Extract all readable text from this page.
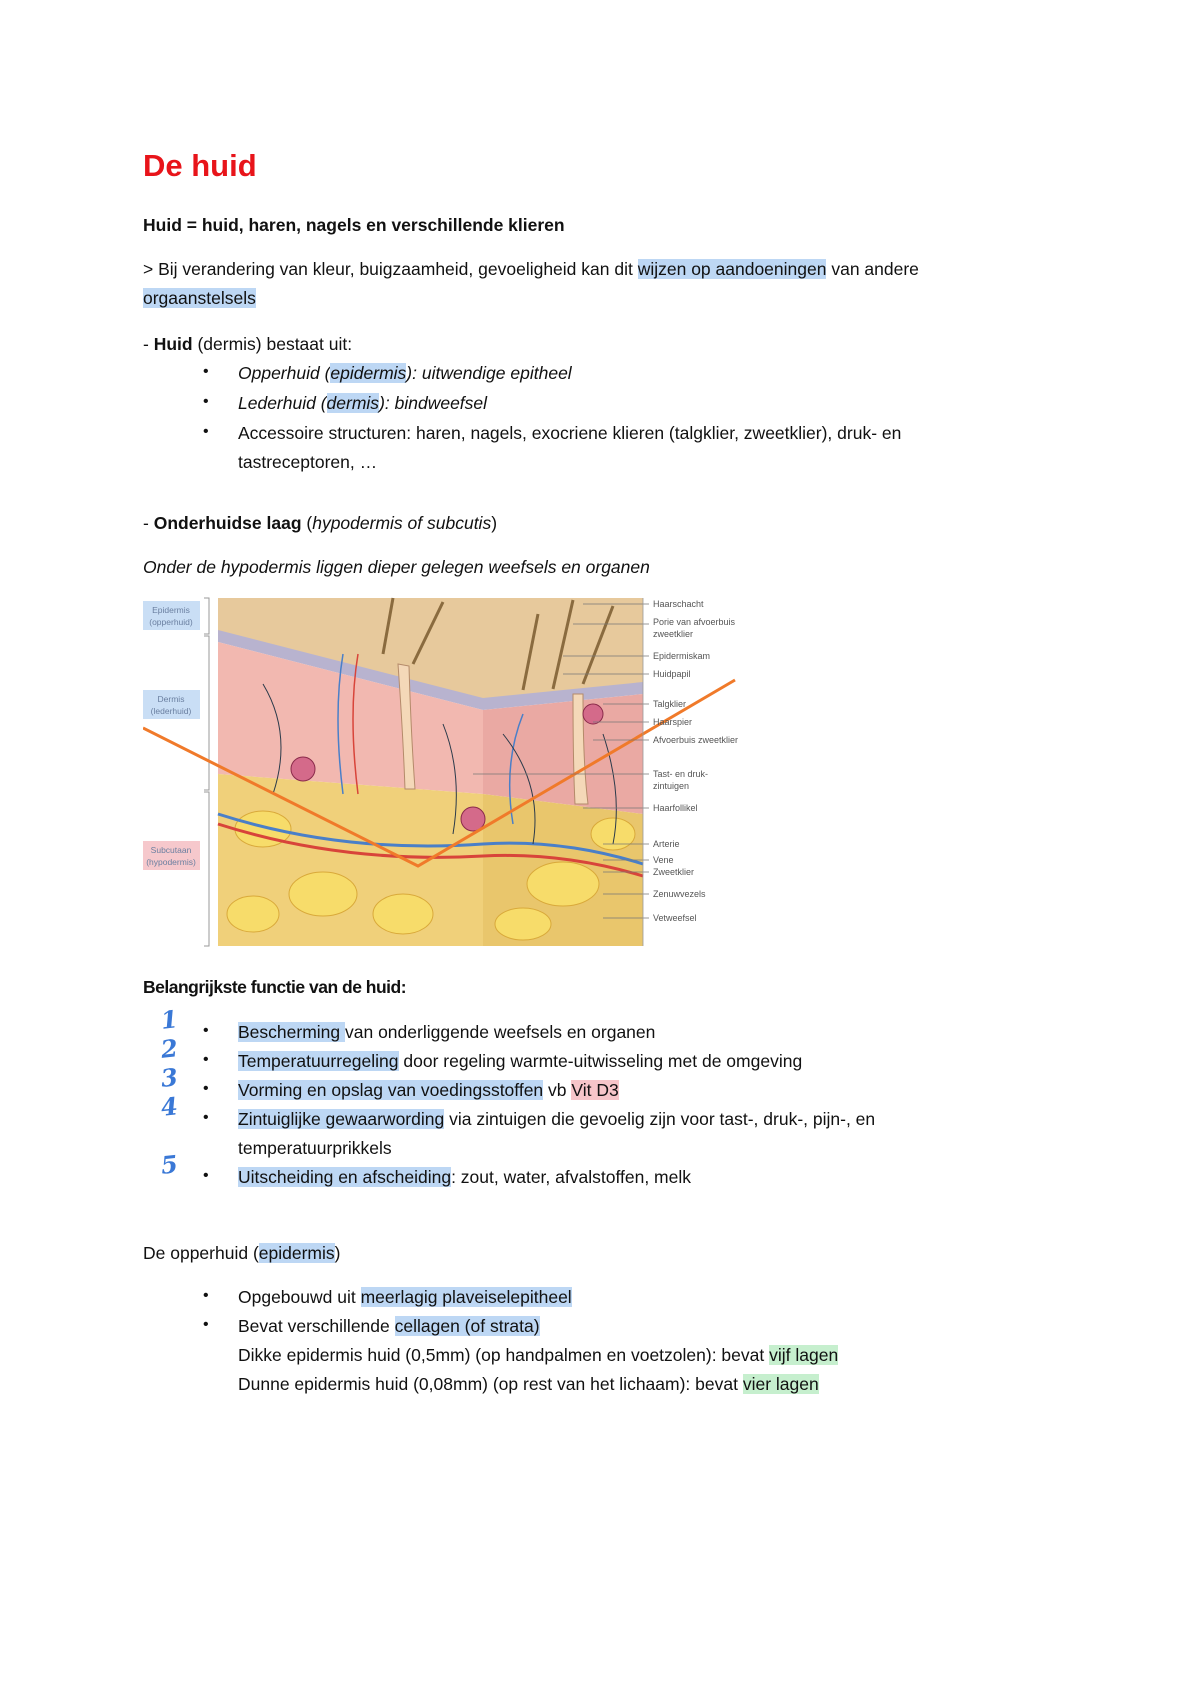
De huid
Huid = huid, haren, nagels en verschillende klieren
> Bij verandering van kleur, buigzaamheid, gevoeligheid kan dit wijzen op aandoeningen van andere
orgaanstelsels
- Huid (dermis) bestaat uit:
• Opperhuid (epidermis): uitwendige epitheel
• Lederhuid (dermis): bindweefsel
• Accessoire structuren: haren, nagels, exocriene klieren (talgklier, zweetklier), druk- en
tastreceptoren, …
- Onderhuidse laag (hypodermis of subcutis)
Onder de hypodermis liggen dieper gelegen weefsels en organen
Epidermis
(opperhuid)
Dermis
(lederhuid)
Subcutaan
(hypodermis)
Haarschacht
Porie van afvoerbuis
zweetklier
Epidermiskam
Huidpapil
Talgklier
Haarspier
Afvoerbuis zweetklier
Tast- en druk-
zintuigen
Haarfollikel
Arterie
Vene
Zweetklier
Zenuwvezels
Vetweefsel
Belangrijkste functie van de huid:
1
2
3
4
5
• Bescherming van onderliggende weefsels en organen
• Temperatuurregeling door regeling warmte-uitwisseling met de omgeving
• Vorming en opslag van voedingsstoffen vb Vit D3
• Zintuiglijke gewaarwording via zintuigen die gevoelig zijn voor tast-, druk-, pijn-, en
temperatuurprikkels
• Uitscheiding en afscheiding: zout, water, afvalstoffen, melk
De opperhuid (epidermis)
• Opgebouwd uit meerlagig plaveiselepitheel
• Bevat verschillende cellagen (of strata)
Dikke epidermis huid (0,5mm) (op handpalmen en voetzolen): bevat vijf lagen
Dunne epidermis huid (0,08mm) (op rest van het lichaam): bevat vier lagen
